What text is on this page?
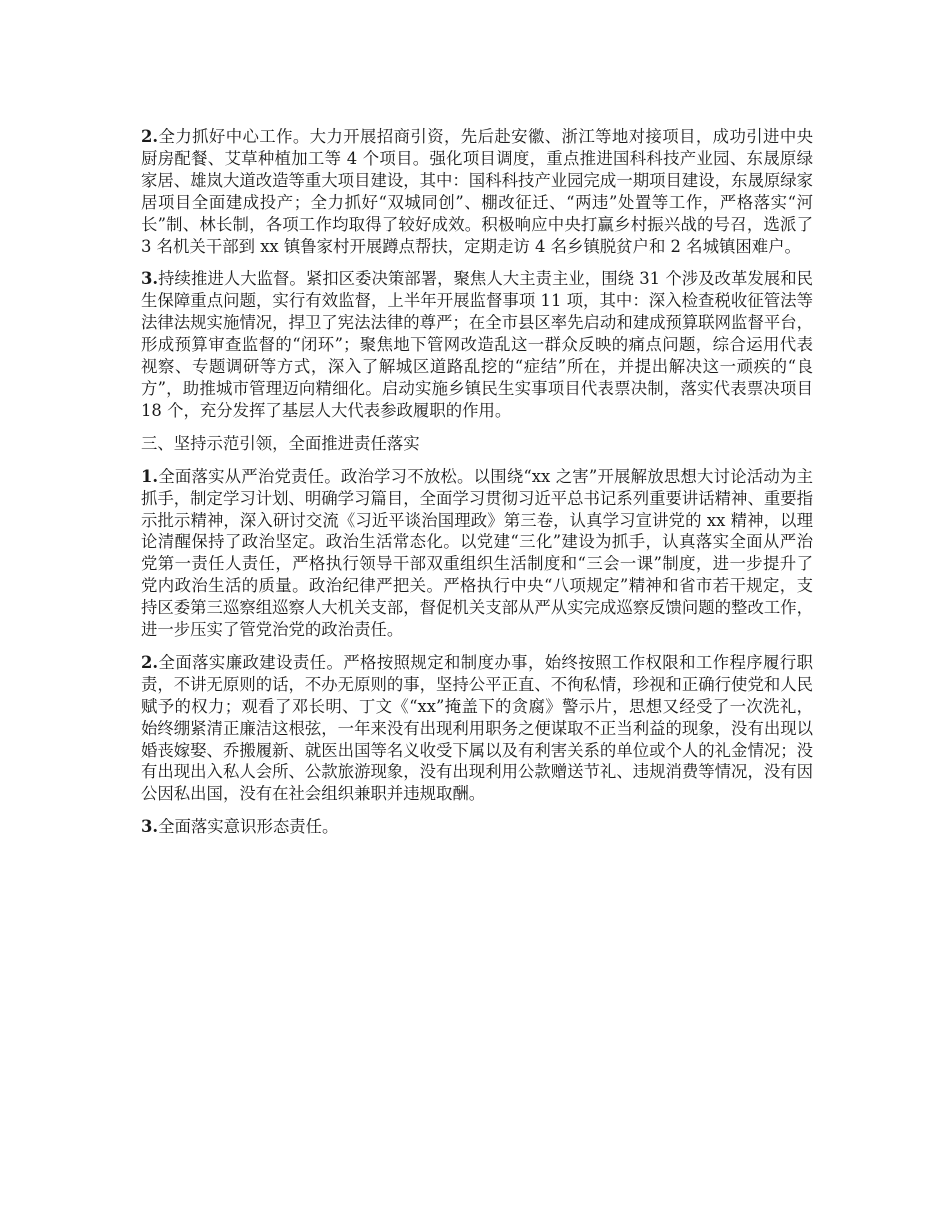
2.全力抓好中心工作。大力开展招商引资，先后赴安徽、浙江等地对接项目，成功引进中央厨房配餐、艾草种植加工等 4 个项目。强化项目调度，重点推进国科科技产业园、东晟原绿家居、雄岚大道改造等重大项目建设，其中：国科科技产业园完成一期项目建设，东晟原绿家居项目全面建成投产；全力抓好“双城同创”、棚改征迁、“两违”处置等工作，严格落实“河长”制、林长制，各项工作均取得了较好成效。积极响应中央打赢乡村振兴战的号召，选派了 3 名机关干部到 xx 镇鲁家村开展蹲点帮扶，定期走访 4 名乡镇脱贫户和 2 名城镇困难户。

3.持续推进人大监督。紧扣区委决策部署，聚焦人大主责主业，围绕 31 个涉及改革发展和民生保障重点问题，实行有效监督，上半年开展监督事项 11 项，其中：深入检查税收征管法等法律法规实施情况，捍卫了宪法法律的尊严；在全市县区率先启动和建成预算联网监督平台，形成预算审查监督的“闭环”；聚焦地下管网改造乱这一群众反映的痛点问题，综合运用代表视察、专题调研等方式，深入了解城区道路乱挖的“症结”所在，并提出解决这一顽疾的“良方”，助推城市管理迈向精细化。启动实施乡镇民生实事项目代表票决制，落实代表票决项目 18 个，充分发挥了基层人大代表参政履职的作用。

三、坚持示范引领，全面推进责任落实

1.全面落实从严治党责任。政治学习不放松。以围绕“xx 之害”开展解放思想大讨论活动为主抓手，制定学习计划、明确学习篇目，全面学习贯彻习近平总书记系列重要讲话精神、重要指示批示精神，深入研讨交流《习近平谈治国理政》第三卷，认真学习宣讲党的 xx 精神，以理论清醒保持了政治坚定。政治生活常态化。以党建“三化”建设为抓手，认真落实全面从严治党第一责任人责任，严格执行领导干部双重组织生活制度和“三会一课”制度，进一步提升了党内政治生活的质量。政治纪律严把关。严格执行中央“八项规定”精神和省市若干规定，支持区委第三巡察组巡察人大机关支部，督促机关支部从严从实完成巡察反馈问题的整改工作，进一步压实了管党治党的政治责任。

2.全面落实廉政建设责任。严格按照规定和制度办事，始终按照工作权限和工作程序履行职责，不讲无原则的话，不办无原则的事，坚持公平正直、不徇私情，珍视和正确行使党和人民赋予的权力；观看了邓长明、丁文《“xx”掩盖下的贪腐》警示片，思想又经受了一次洗礼，始终绷紧清正廉洁这根弦，一年来没有出现利用职务之便谋取不正当利益的现象，没有出现以婚丧嫁娶、乔搬履新、就医出国等名义收受下属以及有利害关系的单位或个人的礼金情况；没有出现出入私人会所、公款旅游现象，没有出现利用公款赠送节礼、违规消费等情况，没有因公因私出国，没有在社会组织兼职并违规取酬。

3.全面落实意识形态责任。
